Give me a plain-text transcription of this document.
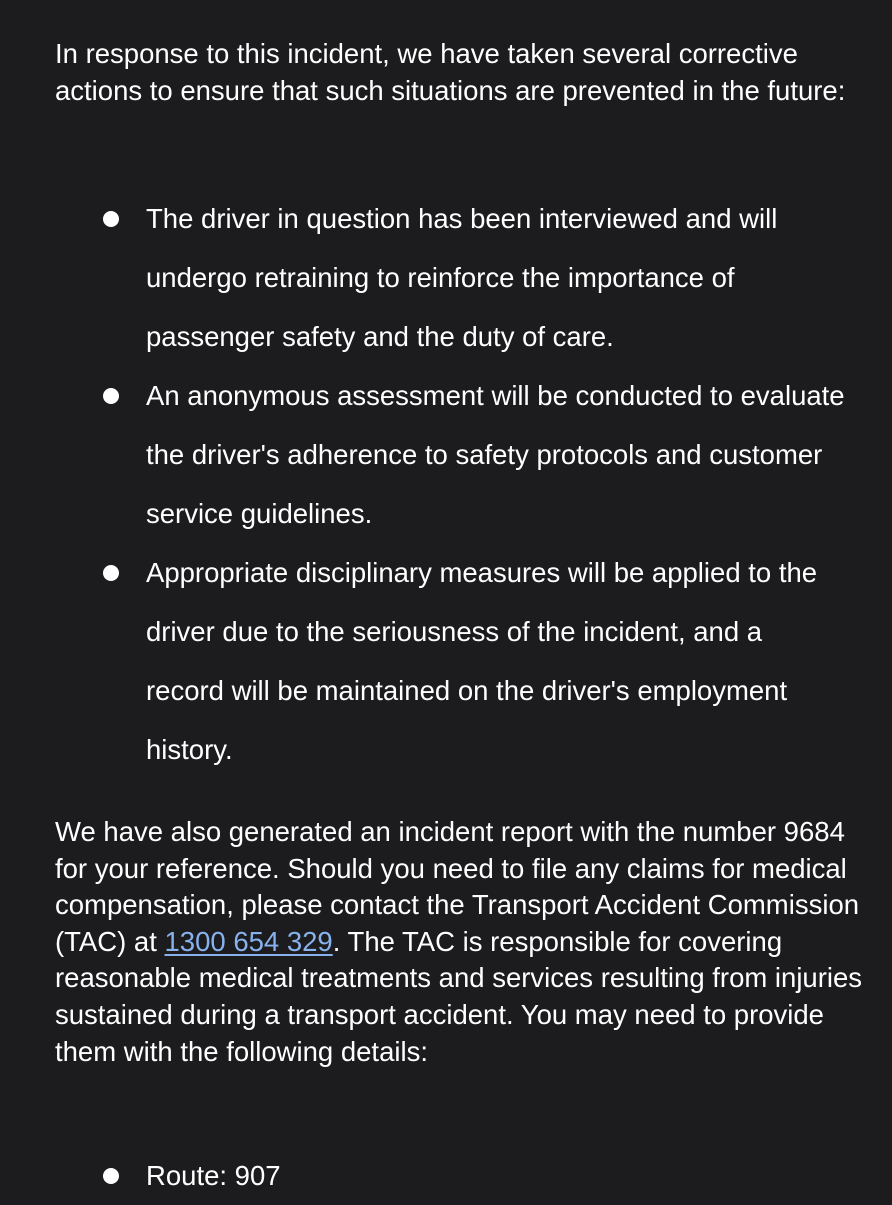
In response to this incident, we have taken several corrective actions to ensure that such situations are prevented in the future:

The driver in question has been interviewed and will undergo retraining to reinforce the importance of passenger safety and the duty of care.
An anonymous assessment will be conducted to evaluate the driver's adherence to safety protocols and customer service guidelines.
Appropriate disciplinary measures will be applied to the driver due to the seriousness of the incident, and a record will be maintained on the driver's employment history.

We have also generated an incident report with the number 9684 for your reference. Should you need to file any claims for medical compensation, please contact the Transport Accident Commission (TAC) at 1300 654 329. The TAC is responsible for covering reasonable medical treatments and services resulting from injuries sustained during a transport accident. You may need to provide them with the following details:

Route: 907
